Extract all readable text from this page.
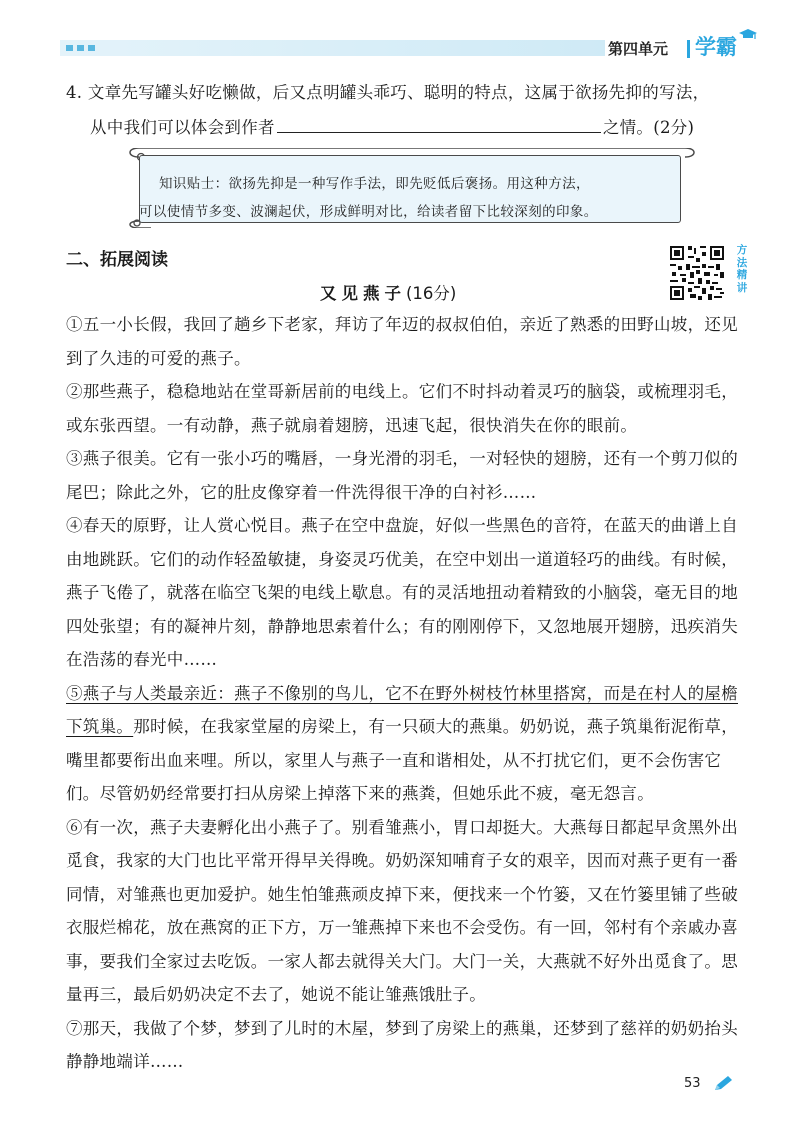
第四单元 学霸
4. 文章先写罐头好吃懒做，后又点明罐头乖巧、聪明的特点，这属于欲扬先抑的写法，
从中我们可以体会到作者	之情。(2分)
知识贴士：欲扬先抑是一种写作手法，即先贬低后褒扬。用这种方法，
可以使情节多变、波澜起伏，形成鲜明对比，给读者留下比较深刻的印象。
二、拓展阅读	方法精讲
又见燕子(16分)

①五一小长假，我回了趟乡下老家，拜访了年迈的叔叔伯伯，亲近了熟悉的田野山坡，还见到了久违的可爱的燕子。

②那些燕子，稳稳地站在堂哥新居前的电线上。它们不时抖动着灵巧的脑袋，或梳理羽毛，或东张西望。一有动静，燕子就扇着翅膀，迅速飞起，很快消失在你的眼前。

③燕子很美。它有一张小巧的嘴唇，一身光滑的羽毛，一对轻快的翅膀，还有一个剪刀似的尾巴；除此之外，它的肚皮像穿着一件洗得很干净的白衬衫……

④春天的原野，让人赏心悦目。燕子在空中盘旋，好似一些黑色的音符，在蓝天的曲谱上自由地跳跃。它们的动作轻盈敏捷，身姿灵巧优美，在空中划出一道道轻巧的曲线。有时候，燕子飞倦了，就落在临空飞架的电线上歇息。有的灵活地扭动着精致的小脑袋，毫无目的地四处张望；有的凝神片刻，静静地思索着什么；有的刚刚停下，又忽地展开翅膀，迅疾消失在浩荡的春光中……

⑤燕子与人类最亲近：燕子不像别的鸟儿，它不在野外树枝竹林里搭窝，而是在村人的屋檐下筑巢。那时候，在我家堂屋的房梁上，有一只硕大的燕巢。奶奶说，燕子筑巢衔泥衔草，嘴里都要衔出血来哩。所以，家里人与燕子一直和谐相处，从不打扰它们，更不会伤害它们。尽管奶奶经常要打扫从房梁上掉落下来的燕粪，但她乐此不疲，毫无怨言。

⑥有一次，燕子夫妻孵化出小燕子了。别看雏燕小，胃口却挺大。大燕每日都起早贪黑外出觅食，我家的大门也比平常开得早关得晚。奶奶深知哺育子女的艰辛，因而对燕子更有一番同情，对雏燕也更加爱护。她生怕雏燕顽皮掉下来，便找来一个竹篓，又在竹篓里铺了些破衣服烂棉花，放在燕窝的正下方，万一雏燕掉下来也不会受伤。有一回，邻村有个亲戚办喜事，要我们全家过去吃饭。一家人都去就得关大门。大门一关，大燕就不好外出觅食了。思量再三，最后奶奶决定不去了，她说不能让雏燕饿肚子。

⑦那天，我做了个梦，梦到了儿时的木屋，梦到了房梁上的燕巢，还梦到了慈祥的奶奶抬头静静地端详……

53
